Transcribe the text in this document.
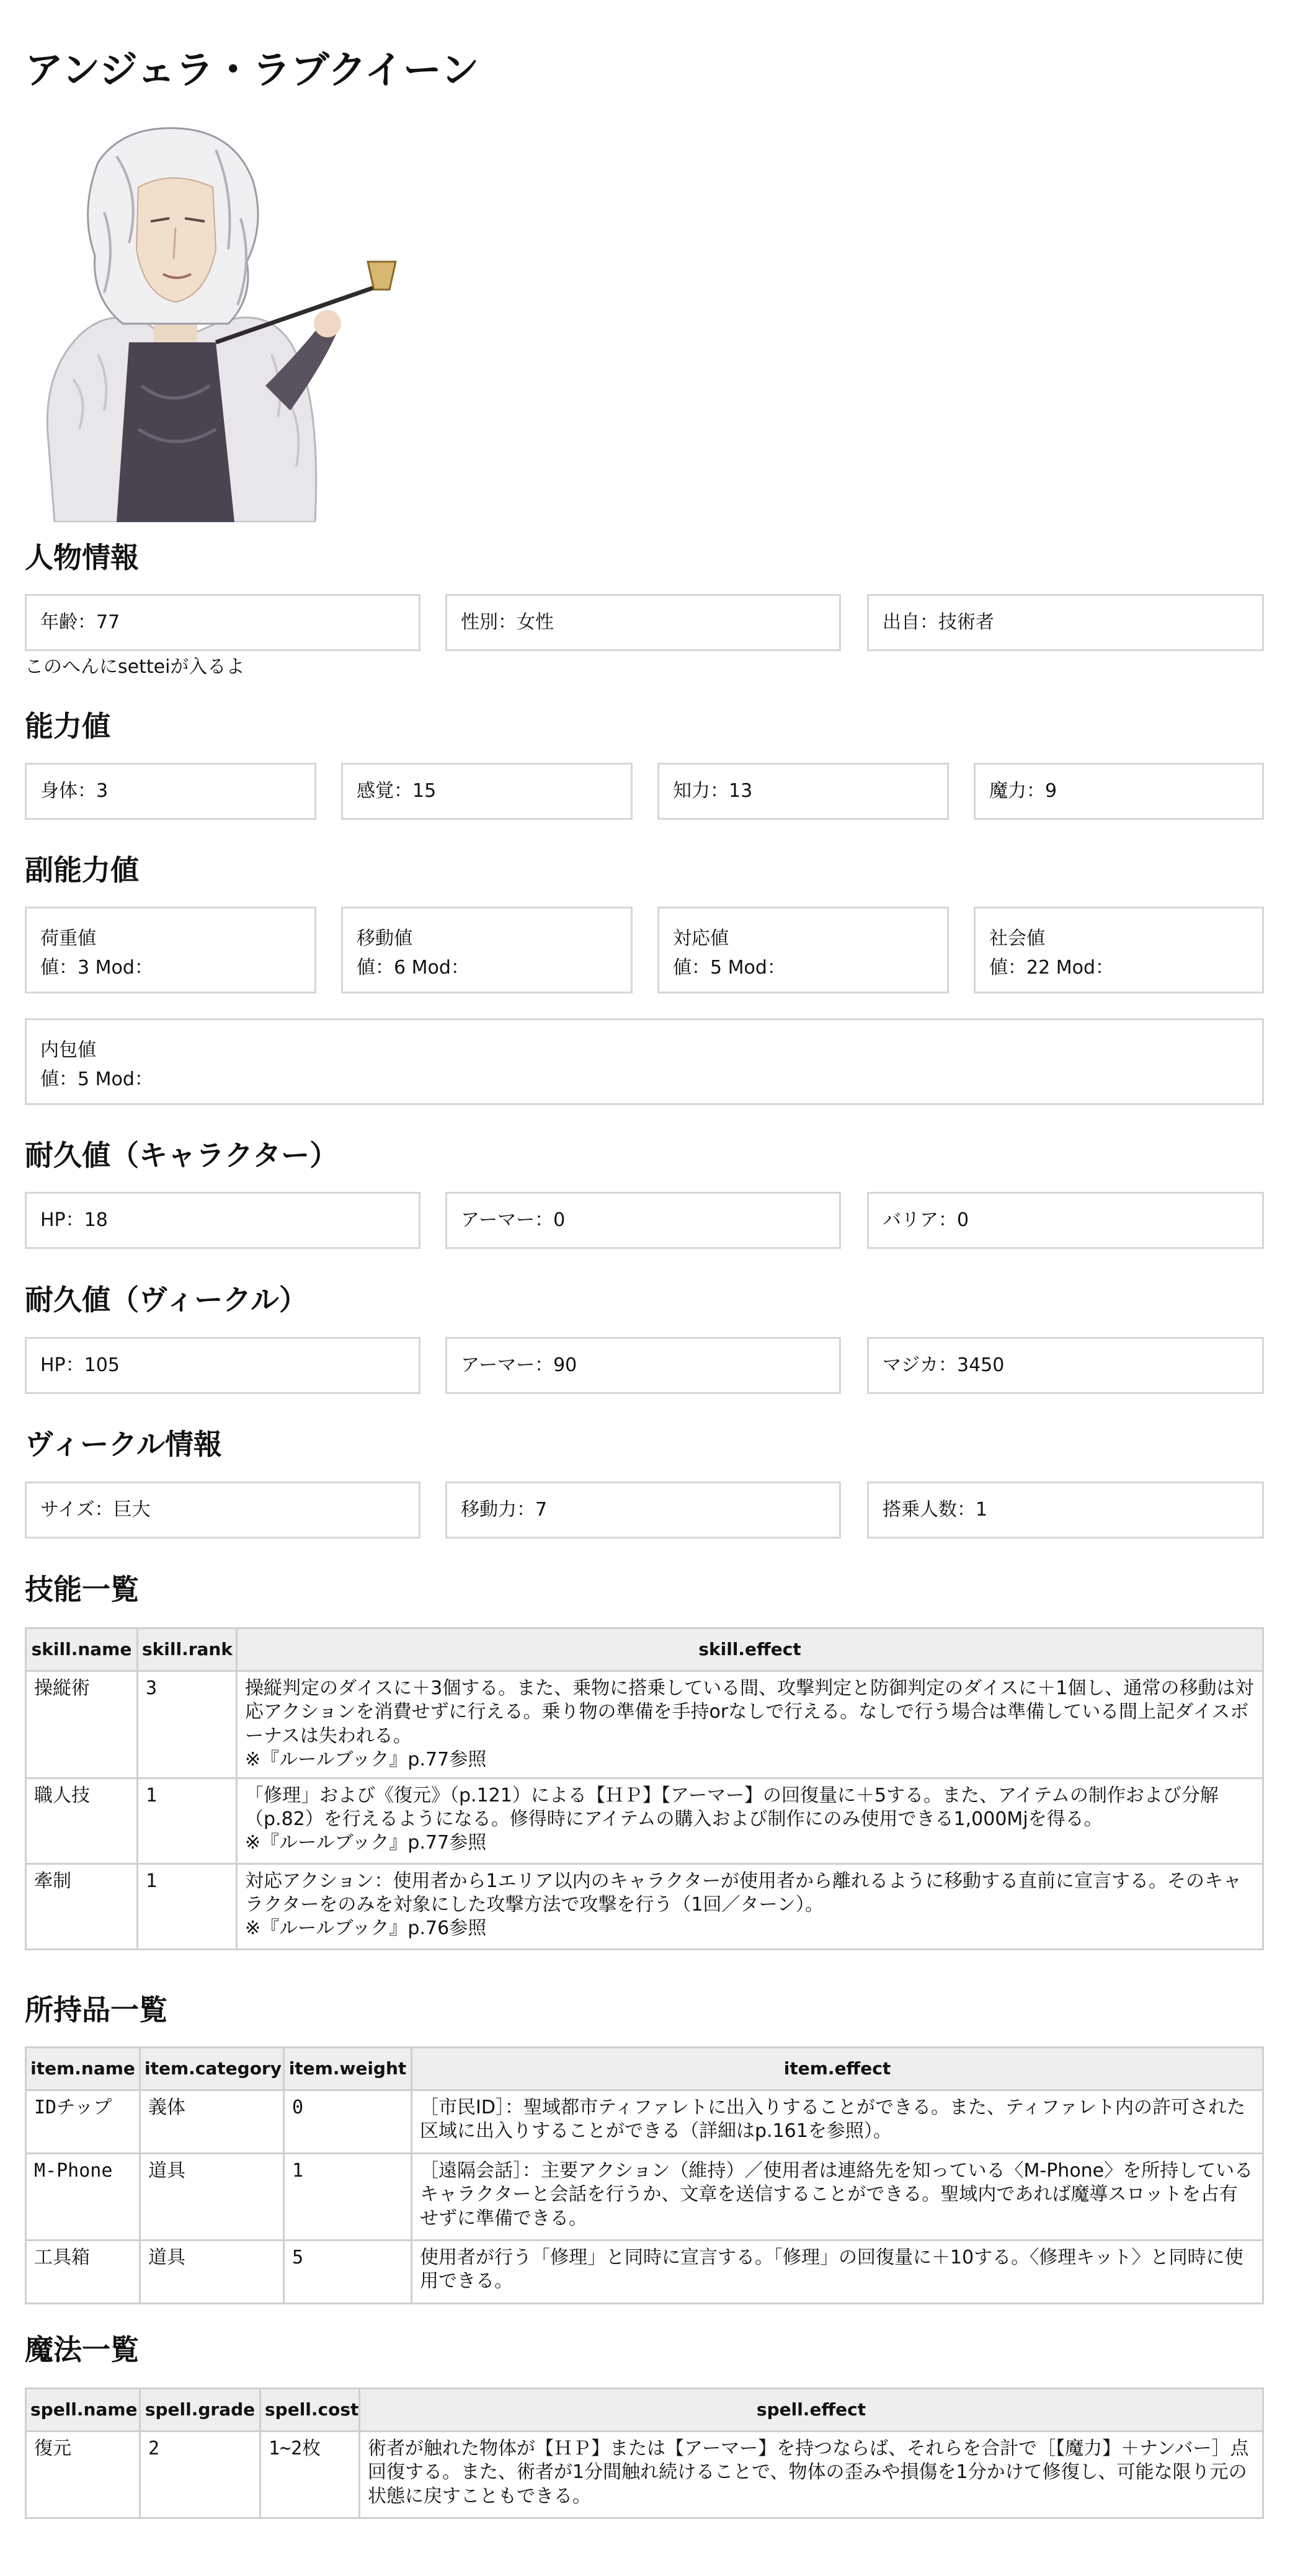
アンジェラ・ラブクイーン
人物情報
年齢：77	性別：女性	出自：技術者
このへんにsetteiが入るよ
能力値
身体：3	感覚：15	知力：13	魔力：9
副能力値
荷重値
値：3 Mod：
移動値
値：6 Mod：
対応値
値：5 Mod：
社会値
値：22 Mod：
内包値
値：5 Mod：
耐久値（キャラクター）
HP：18	アーマー：0	バリア：0
耐久値（ヴィークル）
HP：105	アーマー：90	マジカ：3450
ヴィークル情報
サイズ：巨大	移動力：7	搭乗人数：1
技能一覧
skill.name	skill.rank	skill.effect
操縦術	3	操縦判定のダイスに＋3個する。また、乗物に搭乗している間、攻撃判定と防御判定のダイスに＋1個し、通常の移動は対応アクションを消費せずに行える。乗り物の準備を手持orなしで行える。なしで行う場合は準備している間上記ダイスボーナスは失われる。
※『ルールブック』p.77参照

職人技	1	「修理」および《復元》（p.121）による【ＨＰ】【アーマー】の回復量に＋5する。また、アイテムの制作および分解（p.82）を行えるようになる。修得時にアイテムの購入および制作にのみ使用できる1,000Mjを得る。
※『ルールブック』p.77参照

牽制	1	対応アクション：使用者から1エリア以内のキャラクターが使用者から離れるように移動する直前に宣言する。そのキャラクターをのみを対象にした攻撃方法で攻撃を行う（1回／ターン）。
※『ルールブック』p.76参照
所持品一覧
item.name	item.category	item.weight	item.effect
IDチップ	義体	0	［市民ID］：聖域都市ティファレトに出入りすることができる。また、ティファレト内の許可された区域に出入りすることができる（詳細はp.161を参照）。
M-Phone	道具	1	［遠隔会話］：主要アクション（維持）／使用者は連絡先を知っている〈M-Phone〉を所持しているキャラクターと会話を行うか、文章を送信することができる。聖域内であれば魔導スロットを占有せずに準備できる。
工具箱	道具	5	使用者が行う「修理」と同時に宣言する。「修理」の回復量に＋10する。〈修理キット〉と同時に使用できる。
魔法一覧
spell.name	spell.grade	spell.cost	spell.effect
復元	2	1~2枚	術者が触れた物体が【ＨＰ】または【アーマー】を持つならば、それらを合計で［【魔力】＋ナンバー］点回復する。また、術者が1分間触れ続けることで、物体の歪みや損傷を1分かけて修復し、可能な限り元の状態に戻すこともできる。
